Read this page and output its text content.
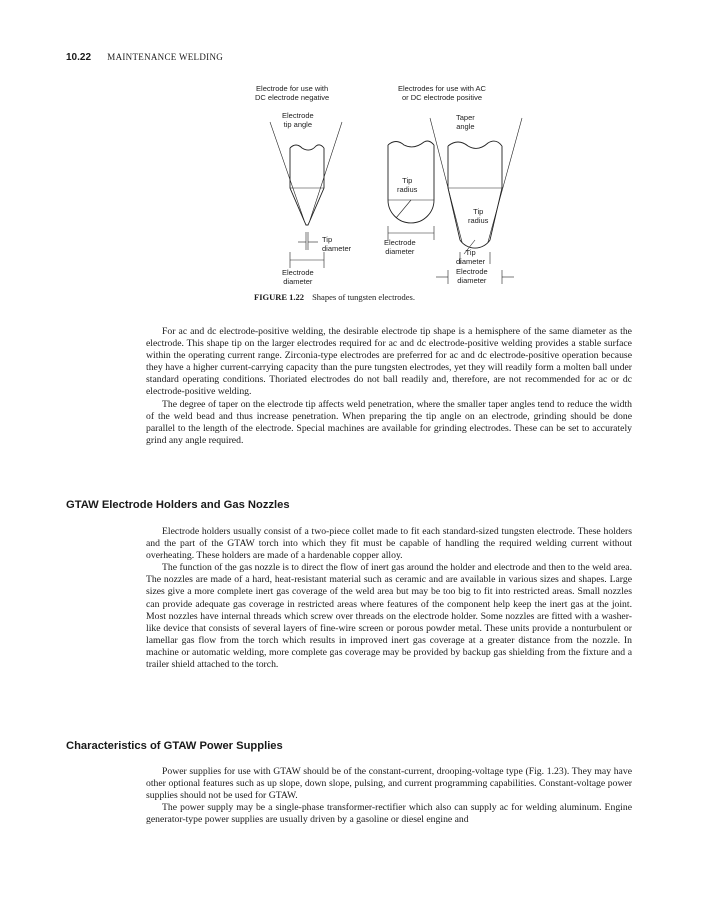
10.22 MAINTENANCE WELDING
Electrode for use with
DC electrode negative
Electrodes for use with AC
or DC electrode positive
Electrode
tip angle
Taper
angle
Tip
diameter
Electrode
diameter
Tip
radius
Electrode
diameter
Tip
radius
Tip
diameter
Electrode
diameter
FIGURE 1.22 Shapes of tungsten electrodes.

For ac and dc electrode-positive welding, the desirable electrode tip shape is a hemisphere of the same diameter as the electrode. This shape tip on the larger electrodes required for ac and dc electrode-positive welding provides a stable surface within the operating current range. Zirconia-type electrodes are preferred for ac and dc electrode-positive operation because they have a higher current-carrying capacity than the pure tungsten electrodes, yet they will readily form a molten ball under standard operating conditions. Thoriated electrodes do not ball readily and, therefore, are not recommended for ac or dc electrode-positive welding.

The degree of taper on the electrode tip affects weld penetration, where the smaller taper angles tend to reduce the width of the weld bead and thus increase penetration. When preparing the tip angle on an electrode, grinding should be done parallel to the length of the electrode. Special machines are available for grinding electrodes. These can be set to accurately grind any angle required.

GTAW Electrode Holders and Gas Nozzles

Electrode holders usually consist of a two-piece collet made to fit each standard-sized tungsten electrode. These holders and the part of the GTAW torch into which they fit must be capable of handling the required welding current without overheating. These holders are made of a hardenable copper alloy.

The function of the gas nozzle is to direct the flow of inert gas around the holder and electrode and then to the weld area. The nozzles are made of a hard, heat-resistant material such as ceramic and are available in various sizes and shapes. Large sizes give a more complete inert gas coverage of the weld area but may be too big to fit into restricted areas. Small nozzles can provide adequate gas coverage in restricted areas where features of the component help keep the inert gas at the joint. Most nozzles have internal threads which screw over threads on the electrode holder. Some nozzles are fitted with a washer-like device that consists of several layers of fine-wire screen or porous powder metal. These units provide a nonturbulent or lamellar gas flow from the torch which results in improved inert gas coverage at a greater distance from the nozzle. In machine or automatic welding, more complete gas coverage may be provided by backup gas shielding from the fixture and a trailer shield attached to the torch.

Characteristics of GTAW Power Supplies

Power supplies for use with GTAW should be of the constant-current, drooping-voltage type (Fig. 1.23). They may have other optional features such as up slope, down slope, pulsing, and current programming capabilities. Constant-voltage power supplies should not be used for GTAW.

The power supply may be a single-phase transformer-rectifier which also can supply ac for welding aluminum. Engine generator-type power supplies are usually driven by a gasoline or diesel engine and
